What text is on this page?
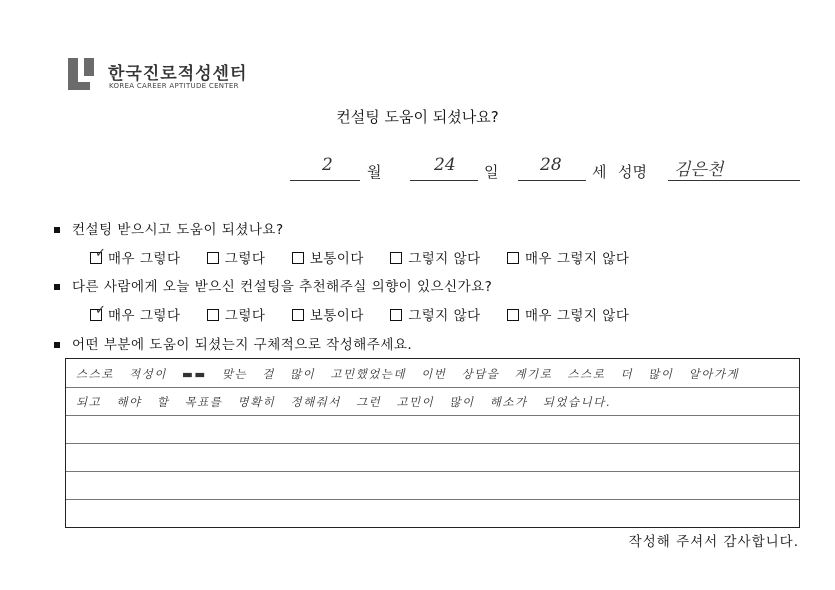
한국진로적성센터
KOREA CAREER APTITUDE CENTER
컨설팅 도움이 되셨나요?
2 월	24 일 28 세 성명 김은천
컨설팅 받으시고 도움이 되셨나요?
✓ 매우 그렇다	그렇다	보통이다	그렇지 않다	매우 그렇지 않다
다른 사람에게 오늘 받으신 컨설팅을 추천해주실 의향이 있으신가요?
✓ 매우 그렇다	그렇다	보통이다	그렇지 않다	매우 그렇지 않다
어떤 부분에 도움이 되셨는지 구체적으로 작성해주세요.
스스로 적성이 ▬▬ 맞는 걸 많이 고민했었는데 이번 상담을 계기로 스스로 더 많이 알아가게
되고 해야 할 목표를 명확히 정해줘서 그런 고민이 많이 해소가 되었습니다.
작성해 주셔서 감사합니다.
